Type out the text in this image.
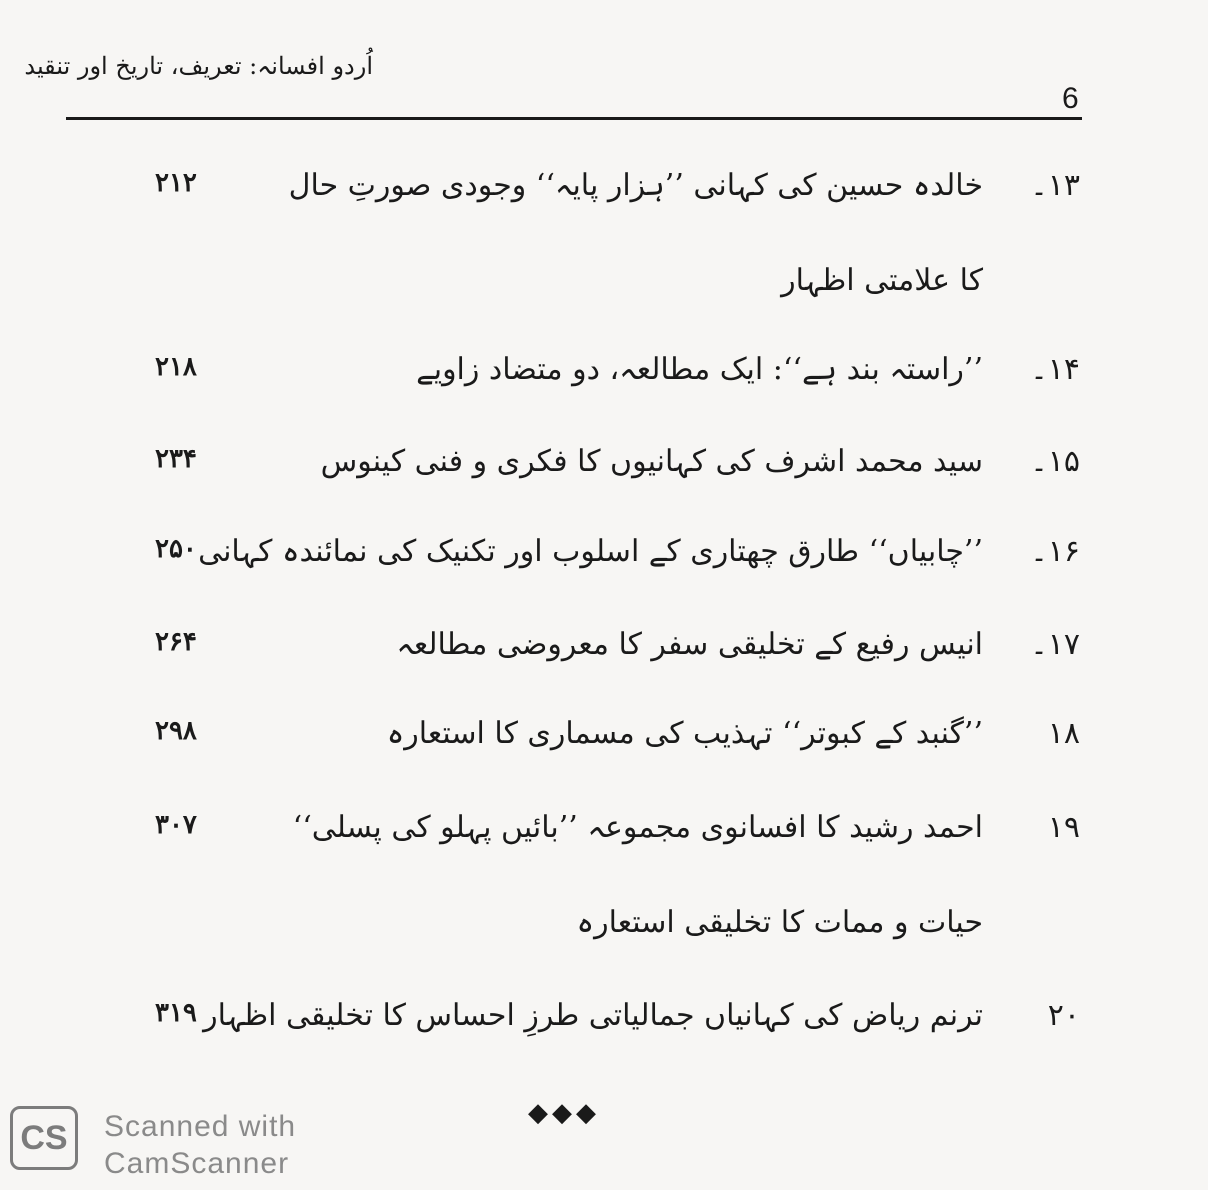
اُردو افسانہ: تعریف، تاریخ اور تنقید
6
۱۳۔
خالدہ حسین کی کہانی ’’ہزار پایہ‘‘ وجودی صورتِ حال
کا علامتی اظہار
۲۱۲
۱۴۔
’’راستہ بند ہے‘‘: ایک مطالعہ، دو متضاد زاویے
۲۱۸
۱۵۔
سید محمد اشرف کی کہانیوں کا فکری و فنی کینوس
۲۳۴
۱۶۔
’’چابیاں‘‘ طارق چھتاری کے اسلوب اور تکنیک کی نمائندہ کہانی
۲۵۰
۱۷۔
انیس رفیع کے تخلیقی سفر کا معروضی مطالعہ
۲۶۴
۱۸
’’گنبد کے کبوتر‘‘ تہذیب کی مسماری کا استعارہ
۲۹۸
۱۹
احمد رشید کا افسانوی مجموعہ ’’بائیں پہلو کی پسلی‘‘
حیات و ممات کا تخلیقی استعارہ
۳۰۷
۲۰
ترنم ریاض کی کہانیاں جمالیاتی طرزِ احساس کا تخلیقی اظہار
۳۱۹
◆◆◆
CS	Scanned with
CamScanner
